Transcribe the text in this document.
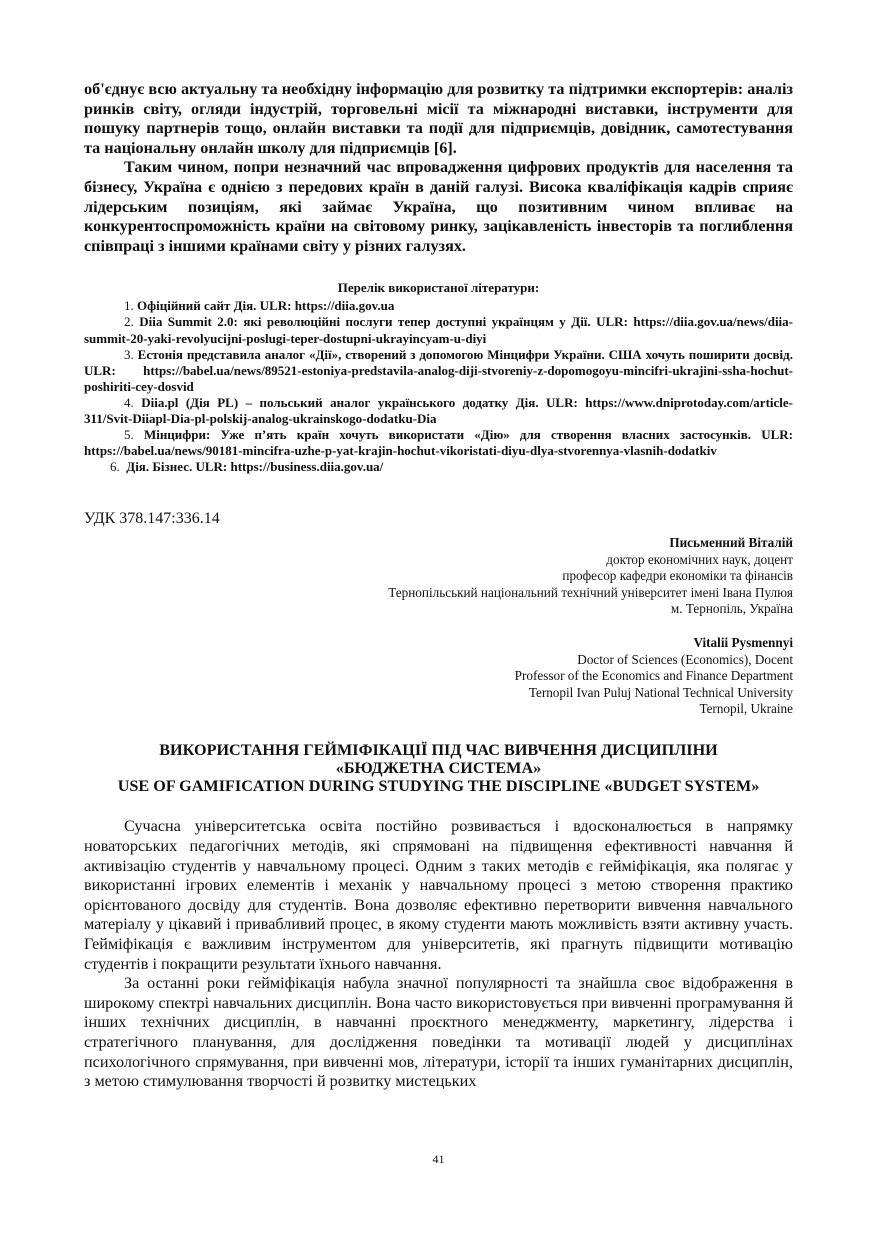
об'єднує всю актуальну та необхідну інформацію для розвитку та підтримки експортерів: аналіз ринків світу, огляди індустрій, торговельні місії та міжнародні виставки, інструменти для пошуку партнерів тощо, онлайн виставки та події для підприємців, довідник, самотестування та національну онлайн школу для підприємців [6].

Таким чином, попри незначний час впровадження цифрових продуктів для населення та бізнесу, Україна є однією з передових країн в даній галузі. Висока кваліфікація кадрів сприяє лідерським позиціям, які займає Україна, що позитивним чином впливає на конкурентоспроможність країни на світовому ринку, зацікавленість інвесторів та поглиблення співпраці з іншими країнами світу у різних галузях.

Перелік використаної літератури:

1. Офіційний сайт Дія. ULR: https://diia.gov.ua

2. Diia Summit 2.0: які революційні послуги тепер доступні українцям у Дії. ULR: https://diia.gov.ua/news/diia-summit-20-yaki-revolyucijni-poslugi-teper-dostupni-ukrayincyam-u-diyi

3. Естонія представила аналог «Дії», створений з допомогою Мінцифри України. США хочуть поширити досвід. ULR: https://babel.ua/news/89521-estoniya-predstavila-analog-diji-stvoreniy-z-dopomogoyu-mincifri-ukrajini-ssha-hochut-poshiriti-cey-dosvid

4. Diia.pl (Дія PL) – польський аналог українського додатку Дія. ULR: https://www.dniprotoday.com/article-311/Svit-Diiapl-Dia-pl-polskij-analog-ukrainskogo-dodatku-Dia

5. Мінцифри: Уже п’ять країн хочуть використати «Дію» для створення власних застосунків. ULR: https://babel.ua/news/90181-mincifra-uzhe-p-yat-krajin-hochut-vikoristati-diyu-dlya-stvorennya-vlasnih-dodatkiv

6. Дія. Бізнес. ULR: https://business.diia.gov.ua/

УДК 378.147:336.14

Письменний Віталій

доктор економічних наук, доцент

професор кафедри економіки та фінансів

Тернопільський національний технічний університет імені Івана Пулюя

м. Тернопіль, Україна

Vitalii Pysmennyi

Doctor of Sciences (Economics), Docent

Professor of the Economics and Finance Department

Ternopil Ivan Puluj National Technical University

Ternopil, Ukraine

ВИКОРИСТАННЯ ГЕЙМІФІКАЦІЇ ПІД ЧАС ВИВЧЕННЯ ДИСЦИПЛІНИ
«БЮДЖЕТНА СИСТЕМА»
USE OF GAMIFICATION DURING STUDYING THE DISCIPLINE «BUDGET SYSTEM»

Сучасна університетська освіта постійно розвивається і вдосконалюється в напрямку новаторських педагогічних методів, які спрямовані на підвищення ефективності навчання й активізацію студентів у навчальному процесі. Одним з таких методів є гейміфікація, яка полягає у використанні ігрових елементів і механік у навчальному процесі з метою створення практико орієнтованого досвіду для студентів. Вона дозволяє ефективно перетворити вивчення навчального матеріалу у цікавий і привабливий процес, в якому студенти мають можливість взяти активну участь. Гейміфікація є важливим інструментом для університетів, які прагнуть підвищити мотивацію студентів і покращити результати їхнього навчання.

За останні роки гейміфікація набула значної популярності та знайшла своє відображення в широкому спектрі навчальних дисциплін. Вона часто використовується при вивченні програмування й інших технічних дисциплін, в навчанні проєктного менеджменту, маркетингу, лідерства і стратегічного планування, для дослідження поведінки та мотивації людей у дисциплінах психологічного спрямування, при вивченні мов, літератури, історії та інших гуманітарних дисциплін, з метою стимулювання творчості й розвитку мистецьких

41
